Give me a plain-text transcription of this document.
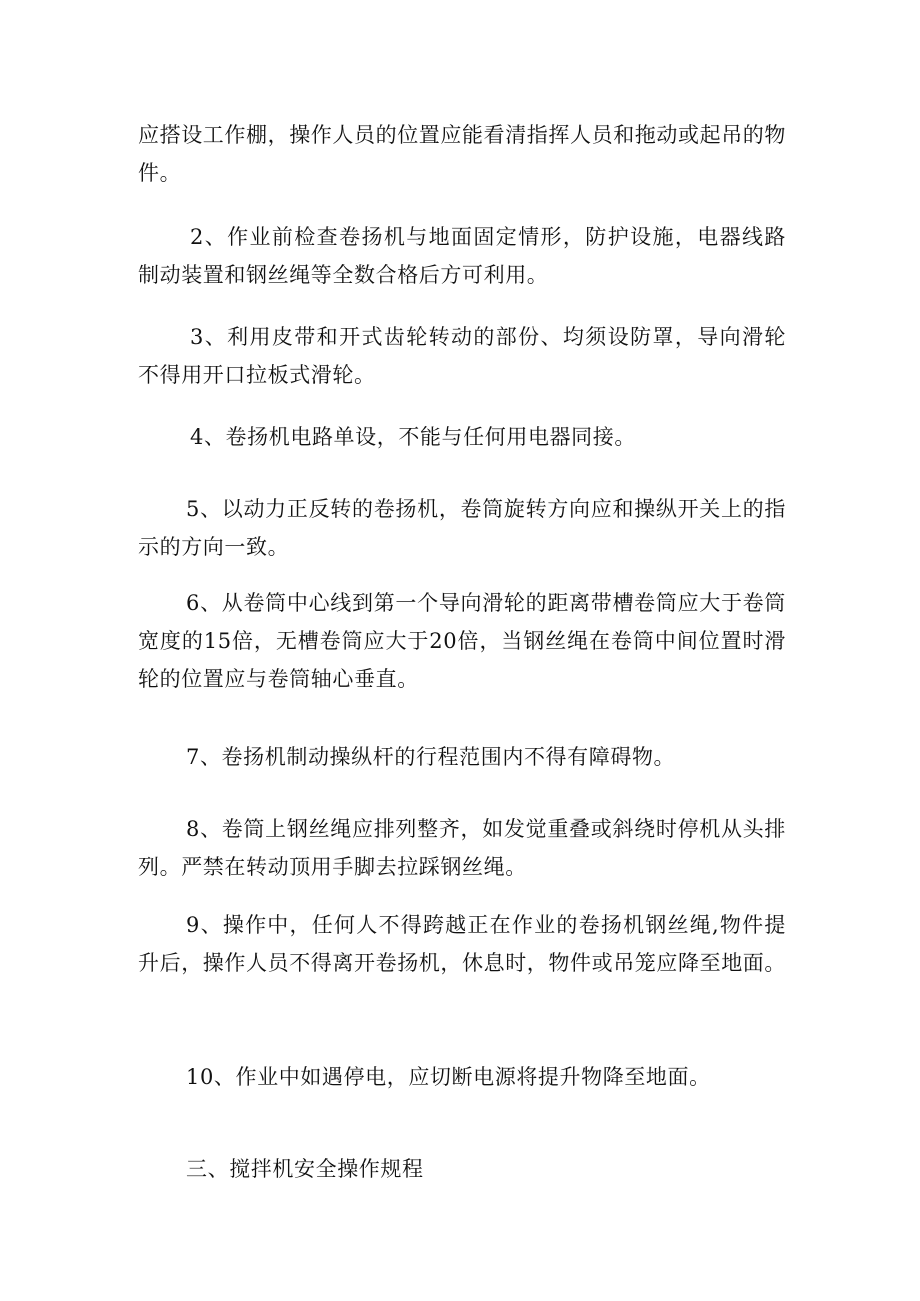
应搭设工作棚，操作人员的位置应能看清指挥人员和拖动或起吊的物件。

2、作业前检查卷扬机与地面固定情形，防护设施，电器线路制动装置和钢丝绳等全数合格后方可利用。

3、利用皮带和开式齿轮转动的部份、均须设防罩，导向滑轮不得用开口拉板式滑轮。

4、卷扬机电路单设，不能与任何用电器同接。

5、以动力正反转的卷扬机，卷筒旋转方向应和操纵开关上的指示的方向一致。

6、从卷筒中心线到第一个导向滑轮的距离带槽卷筒应大于卷筒宽度的15倍，无槽卷筒应大于20倍，当钢丝绳在卷筒中间位置时滑轮的位置应与卷筒轴心垂直。

7、卷扬机制动操纵杆的行程范围内不得有障碍物。

8、卷筒上钢丝绳应排列整齐，如发觉重叠或斜绕时停机从头排列。严禁在转动顶用手脚去拉踩钢丝绳。

9、操作中，任何人不得跨越正在作业的卷扬机钢丝绳,物件提升后，操作人员不得离开卷扬机，休息时，物件或吊笼应降至地面。

10、作业中如遇停电，应切断电源将提升物降至地面。

三、搅拌机安全操作规程
